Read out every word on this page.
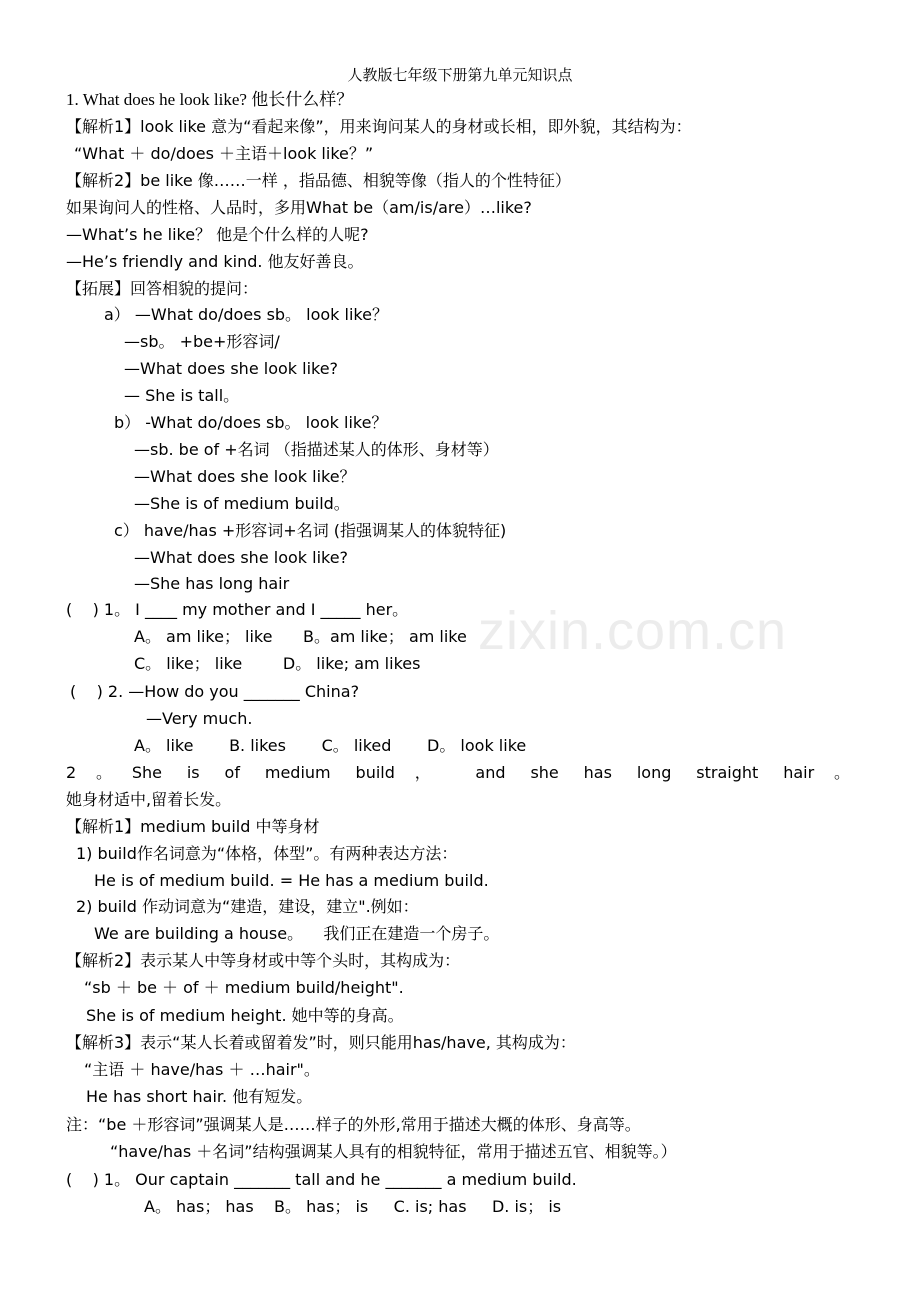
人教版七年级下册第九单元知识点
zixin.com.cn
1. What does he look like? 他长什么样？
【解析1】look like 意为“看起来像”，用来询问某人的身材或长相，即外貌，其结构为：
“What ＋ do/does ＋主语＋look like？”
【解析2】be like 像……一样 ，指品德、相貌等像（指人的个性特征）
如果询问人的性格、人品时，多用What be（am/is/are）…like?
—What’s he like？ 他是个什么样的人呢?
—He’s friendly and kind. 他友好善良。
【拓展】回答相貌的提问：
a） —What do/does sb。 look like？
—sb。 +be+形容词/
—What does she look like?
— She is tall。
b） -What do/does sb。 look like？
—sb. be of +名词 （指描述某人的体形、身材等）
—What does she look like？
—She is of medium build。
c） have/has +形容词+名词 (指强调某人的体貌特征)
—What does she look like?
—She has long hair
(    ) 1。 I ____ my mother and I _____ her。
A。 am like； like      B。am like； am like
C。 like； like        D。 like; am likes
(    ) 2. —How do you _______ China?
—Very much.
A。 like       B. likes       C。 liked       D。 look like
2。She is of medium build， and she has long straight hair。
她身材适中,留着长发。
【解析1】medium build 中等身材
1) build作名词意为“体格，体型”。有两种表达方法：
He is of medium build. = He has a medium build.
2) build 作动词意为“建造，建设，建立".例如：
We are building a house。    我们正在建造一个房子。
【解析2】表示某人中等身材或中等个头时，其构成为：
“sb ＋ be ＋ of ＋ medium build/height".
She is of medium height. 她中等的身高。
【解析3】表示“某人长着或留着发”时，则只能用has/have, 其构成为：
“主语 ＋ have/has ＋ …hair"。
He has short hair. 他有短发。
注：“be ＋形容词”强调某人是……样子的外形,常用于描述大概的体形、身高等。
“have/has ＋名词”结构强调某人具有的相貌特征，常用于描述五官、相貌等。）
(    ) 1。 Our captain _______ tall and he _______ a medium build.
A。 has； has    B。 has； is     C. is; has     D. is； is
